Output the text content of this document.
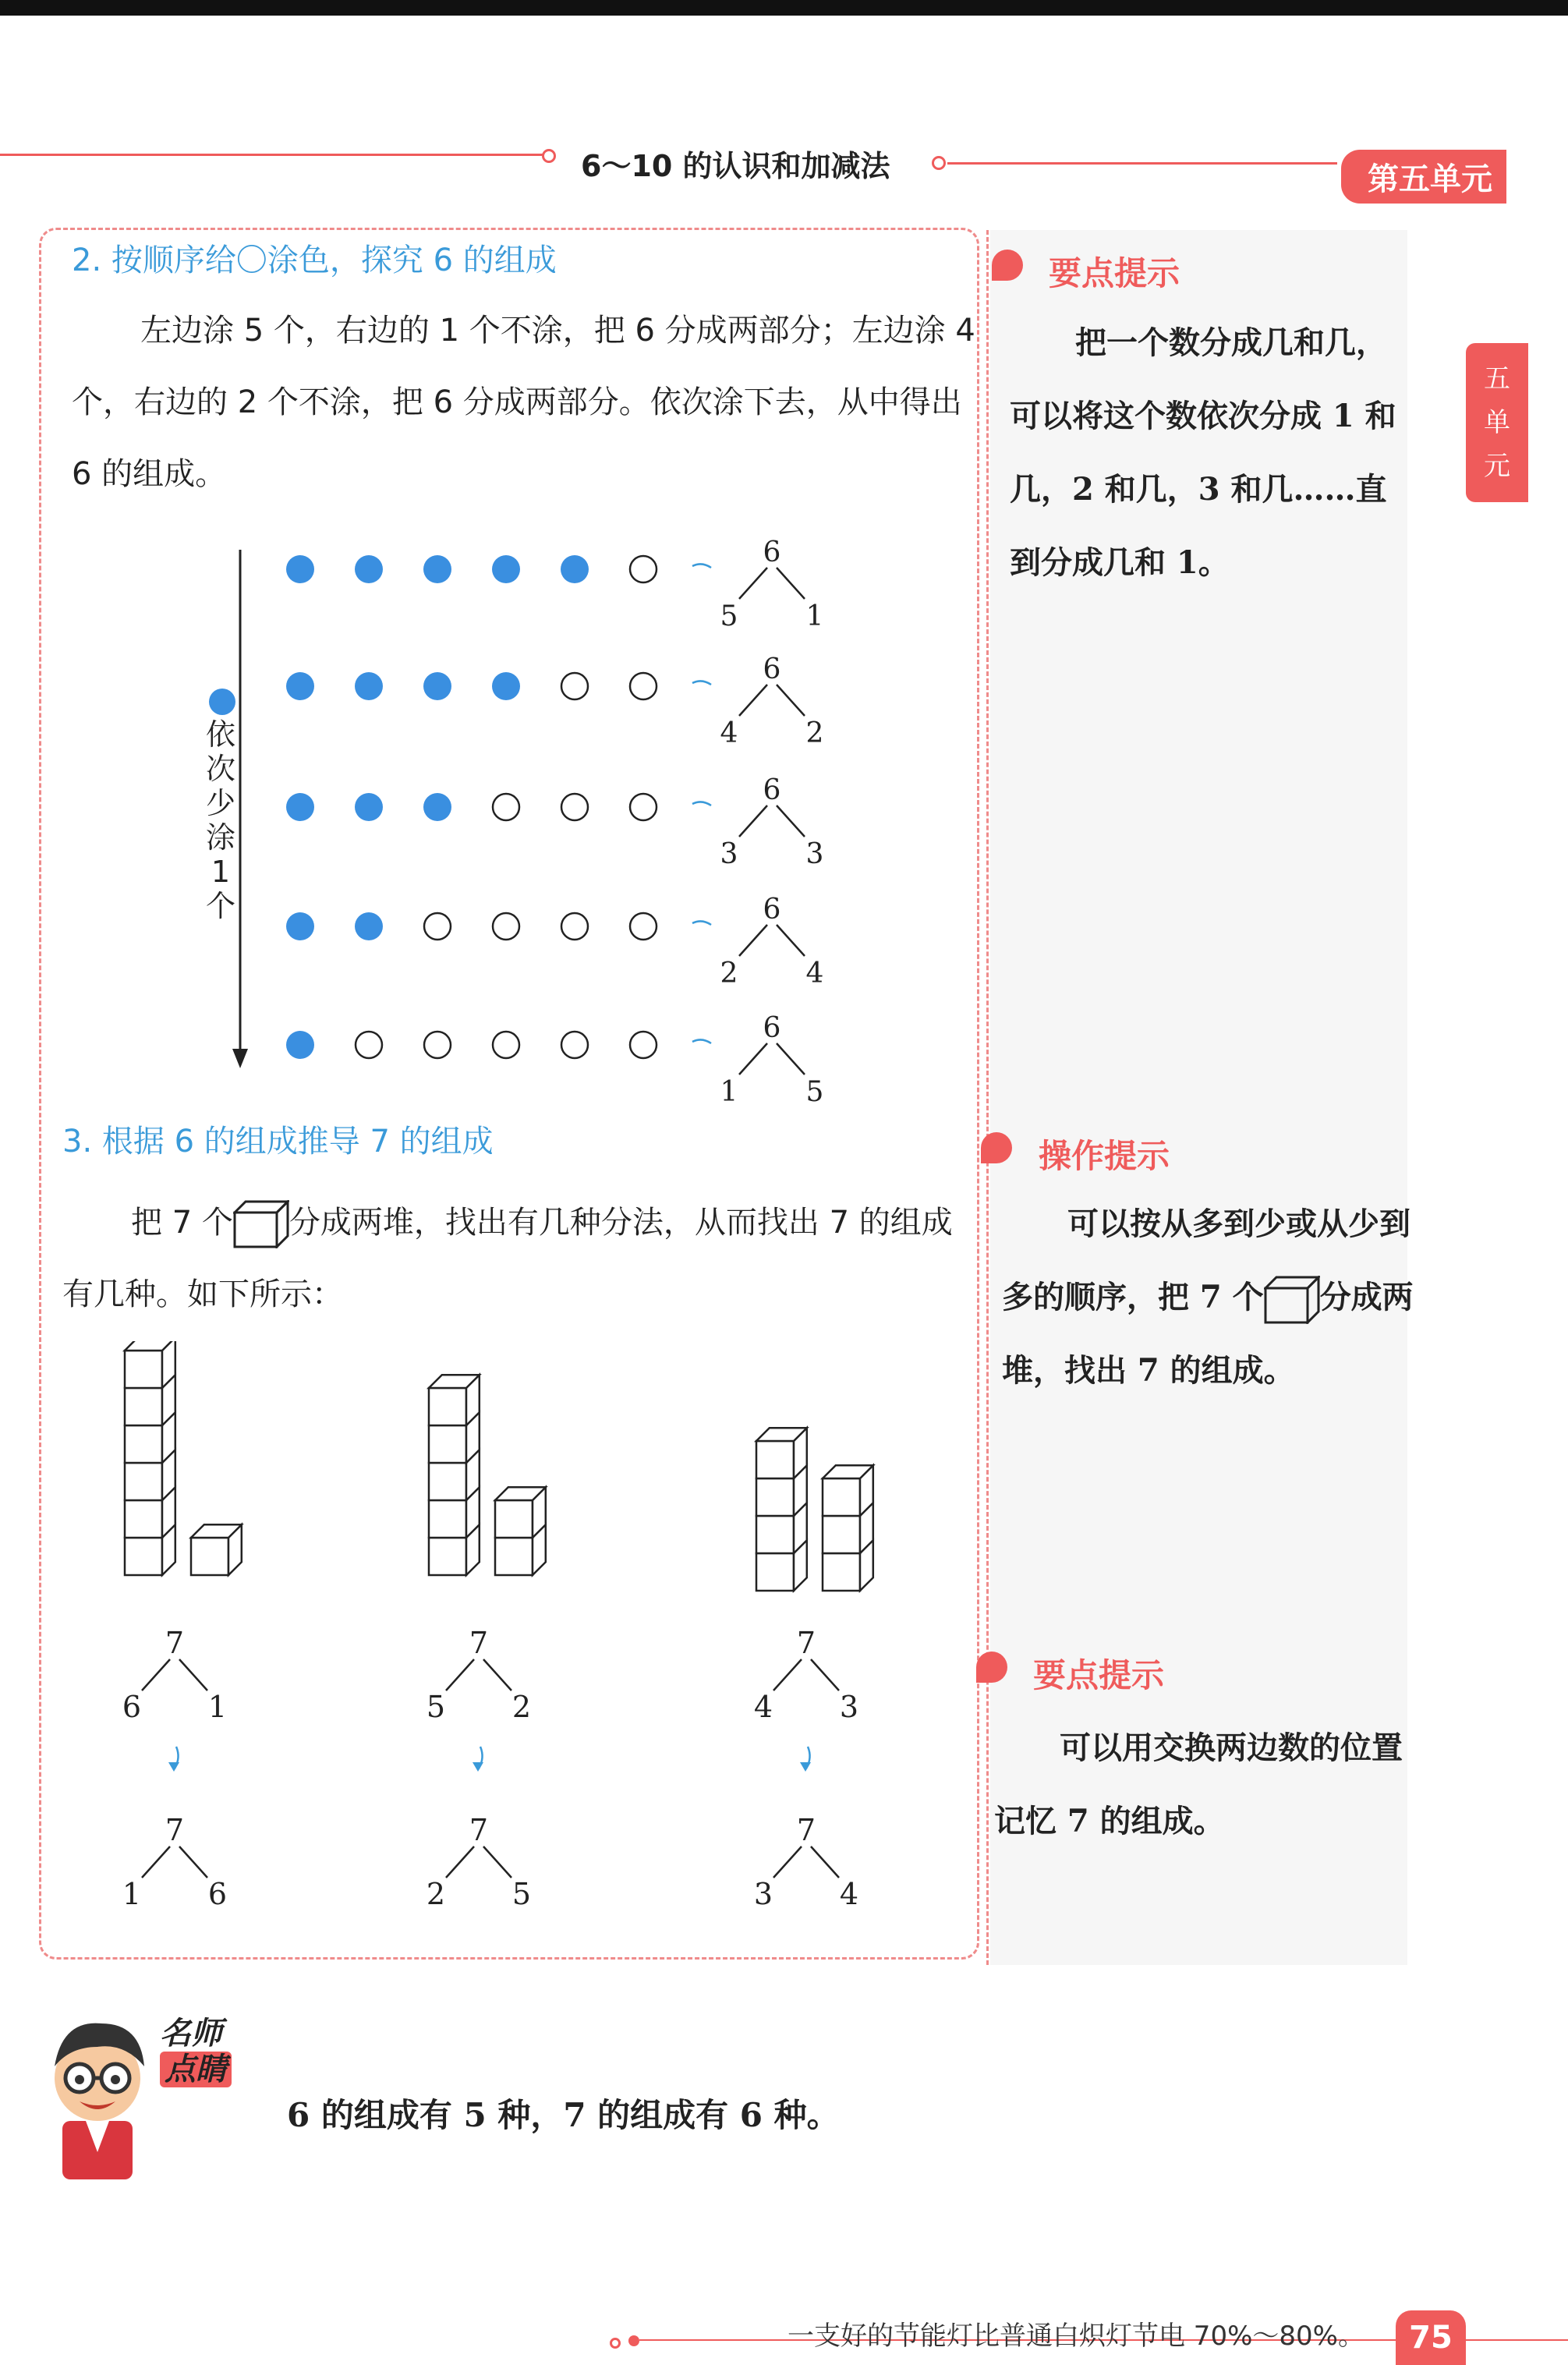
6～10 的认识和加减法	第五单元
五
单
元
2. 按顺序给〇涂色，探究 6 的组成
左边涂 5 个，右边的 1 个不涂，把 6 分成两部分；左边涂 4 个，右边的 2 个不涂，把 6 分成两部分。依次涂下去，从中得出 6 的组成。
6
5 1
6
4 2
6
3 3
6
2 4
6
1 5
依
次
少
涂
1
个
3. 根据 6 的组成推导 7 的组成
把 7 个 分成两堆，找出有几种分法，从而找出 7 的组成有几种。如下所示：
7
6 1
7
1 6
7
5 2
7
2 5
7
4 3
7
3 4
要点提示
把一个数分成几和几，可以将这个数依次分成 1 和几，2 和几，3 和几……直到分成几和 1。
操作提示
可以按从多到少或从少到多的顺序，把 7 个 分成两堆，找出 7 的组成。
要点提示
可以用交换两边数的位置记忆 7 的组成。
名师
点睛
6 的组成有 5 种，7 的组成有 6 种。
一支好的节能灯比普通白炽灯节电 70%～80%。	75
